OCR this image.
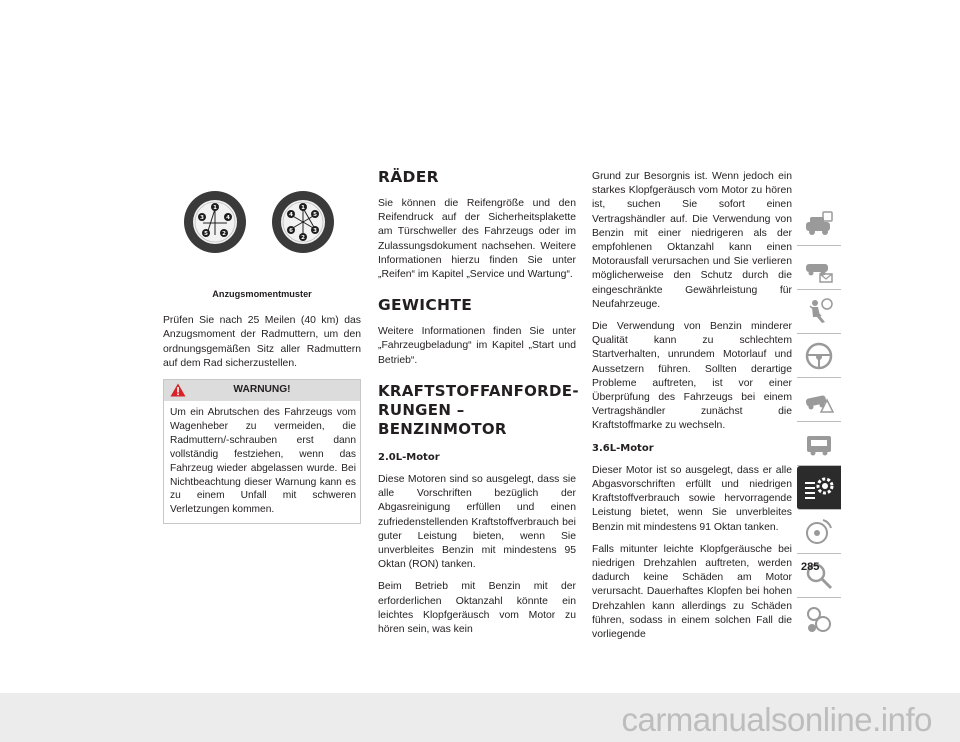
1
4
2
5
3
1
5
3
2
6
4
Anzugsmomentmuster

Prüfen Sie nach 25 Meilen (40 km) das Anzugsmoment der Radmuttern, um den ordnungsgemäßen Sitz aller Radmuttern auf dem Rad sicherzustellen.

WARNUNG!
Um ein Abrutschen des Fahrzeugs vom Wagenheber zu vermeiden, die Radmuttern/-schrauben erst dann vollständig festziehen, wenn das Fahrzeug wieder abgelassen wurde. Bei Nichtbeachtung dieser Warnung kann es zu einem Unfall mit schweren Verletzungen kommen.
RÄDER

Sie können die Reifengröße und den Reifendruck auf der Sicherheitsplakette am Türschweller des Fahrzeugs oder im Zulassungsdokument nachsehen. Weitere Informationen hierzu finden Sie unter „Reifen“ im Kapitel „Service und Wartung“.

GEWICHTE

Weitere Informationen finden Sie unter „Fahrzeugbeladung“ im Kapitel „Start und Betrieb“.

KRAFTSTOFFANFORDE-RUNGEN – BENZINMOTOR
2.0L-Motor

Diese Motoren sind so ausgelegt, dass sie alle Vorschriften bezüglich der Abgasreinigung erfüllen und einen zufriedenstellenden Kraftstoffverbrauch bei guter Leistung bieten, wenn Sie unverbleites Benzin mit mindestens 95 Oktan (RON) tanken.

Beim Betrieb mit Benzin mit der erforderlichen Oktanzahl könnte ein leichtes Klopfgeräusch vom Motor zu hören sein, was kein

Grund zur Besorgnis ist. Wenn jedoch ein starkes Klopfgeräusch vom Motor zu hören ist, suchen Sie sofort einen Vertragshändler auf. Die Verwendung von Benzin mit einer niedrigeren als der empfohlenen Oktanzahl kann einen Motorausfall verursachen und Sie verlieren möglicherweise den Schutz durch die eingeschränkte Gewährleistung für Neufahrzeuge.

Die Verwendung von Benzin minderer Qualität kann zu schlechtem Startverhalten, unrundem Motorlauf und Aussetzern führen. Sollten derartige Probleme auftreten, ist vor einer Überprüfung des Fahrzeugs bei einem Vertragshändler zunächst die Kraftstoffmarke zu wechseln.

3.6L-Motor

Dieser Motor ist so ausgelegt, dass er alle Abgasvorschriften erfüllt und niedrigen Kraftstoffverbrauch sowie hervorragende Leistung bietet, wenn Sie unverbleites Benzin mit mindestens 91 Oktan tanken.

Falls mitunter leichte Klopfgeräusche bei niedrigen Drehzahlen auftreten, werden dadurch keine Schäden am Motor verursacht. Dauerhaftes Klopfen bei hohen Drehzahlen kann allerdings zu Schäden führen, sodass in einem solchen Fall die vorliegende

285
carmanualsonline.info
